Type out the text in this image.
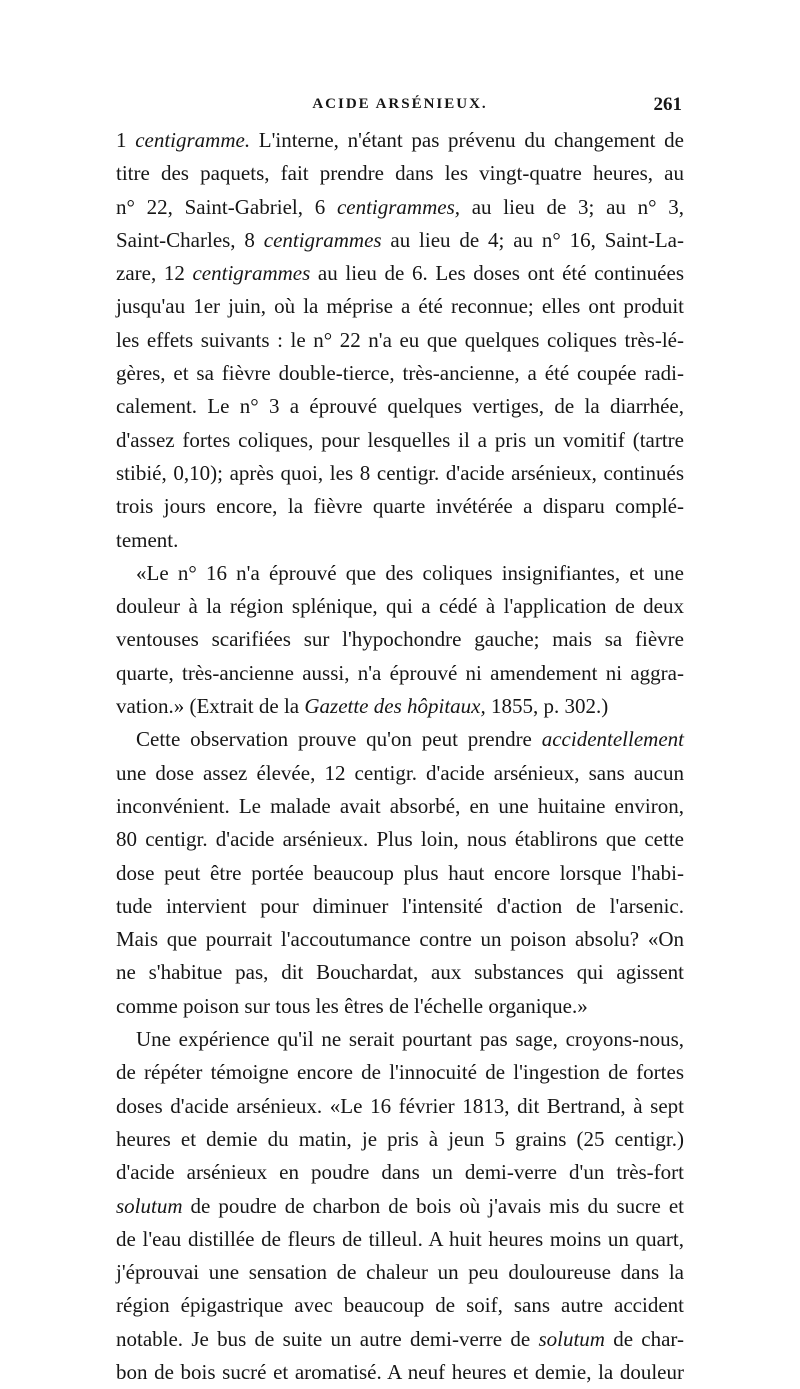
ACIDE ARSÉNIEUX.	261
1 centigramme. L'interne, n'étant pas prévenu du changement de
titre des paquets, fait prendre dans les vingt-quatre heures, au
n° 22, Saint-Gabriel, 6 centigrammes, au lieu de 3; au n° 3,
Saint-Charles, 8 centigrammes au lieu de 4; au n° 16, Saint-La-
zare, 12 centigrammes au lieu de 6. Les doses ont été continuées
jusqu'au 1er juin, où la méprise a été reconnue; elles ont produit
les effets suivants : le n° 22 n'a eu que quelques coliques très-lé-
gères, et sa fièvre double-tierce, très-ancienne, a été coupée radi-
calement. Le n° 3 a éprouvé quelques vertiges, de la diarrhée,
d'assez fortes coliques, pour lesquelles il a pris un vomitif (tartre
stibié, 0,10); après quoi, les 8 centigr. d'acide arsénieux, continués
trois jours encore, la fièvre quarte invétérée a disparu complé-
tement.
«Le n° 16 n'a éprouvé que des coliques insignifiantes, et une
douleur à la région splénique, qui a cédé à l'application de deux
ventouses scarifiées sur l'hypochondre gauche; mais sa fièvre
quarte, très-ancienne aussi, n'a éprouvé ni amendement ni aggra-
vation.» (Extrait de la Gazette des hôpitaux, 1855, p. 302.)
Cette observation prouve qu'on peut prendre accidentellement
une dose assez élevée, 12 centigr. d'acide arsénieux, sans aucun
inconvénient. Le malade avait absorbé, en une huitaine environ,
80 centigr. d'acide arsénieux. Plus loin, nous établirons que cette
dose peut être portée beaucoup plus haut encore lorsque l'habi-
tude intervient pour diminuer l'intensité d'action de l'arsenic.
Mais que pourrait l'accoutumance contre un poison absolu? «On
ne s'habitue pas, dit Bouchardat, aux substances qui agissent
comme poison sur tous les êtres de l'échelle organique.»
Une expérience qu'il ne serait pourtant pas sage, croyons-nous,
de répéter témoigne encore de l'innocuité de l'ingestion de fortes
doses d'acide arsénieux. «Le 16 février 1813, dit Bertrand, à sept
heures et demie du matin, je pris à jeun 5 grains (25 centigr.)
d'acide arsénieux en poudre dans un demi-verre d'un très-fort
solutum de poudre de charbon de bois où j'avais mis du sucre et
de l'eau distillée de fleurs de tilleul. A huit heures moins un quart,
j'éprouvai une sensation de chaleur un peu douloureuse dans la
région épigastrique avec beaucoup de soif, sans autre accident
notable. Je bus de suite un autre demi-verre de solutum de char-
bon de bois sucré et aromatisé. A neuf heures et demie, la douleur
